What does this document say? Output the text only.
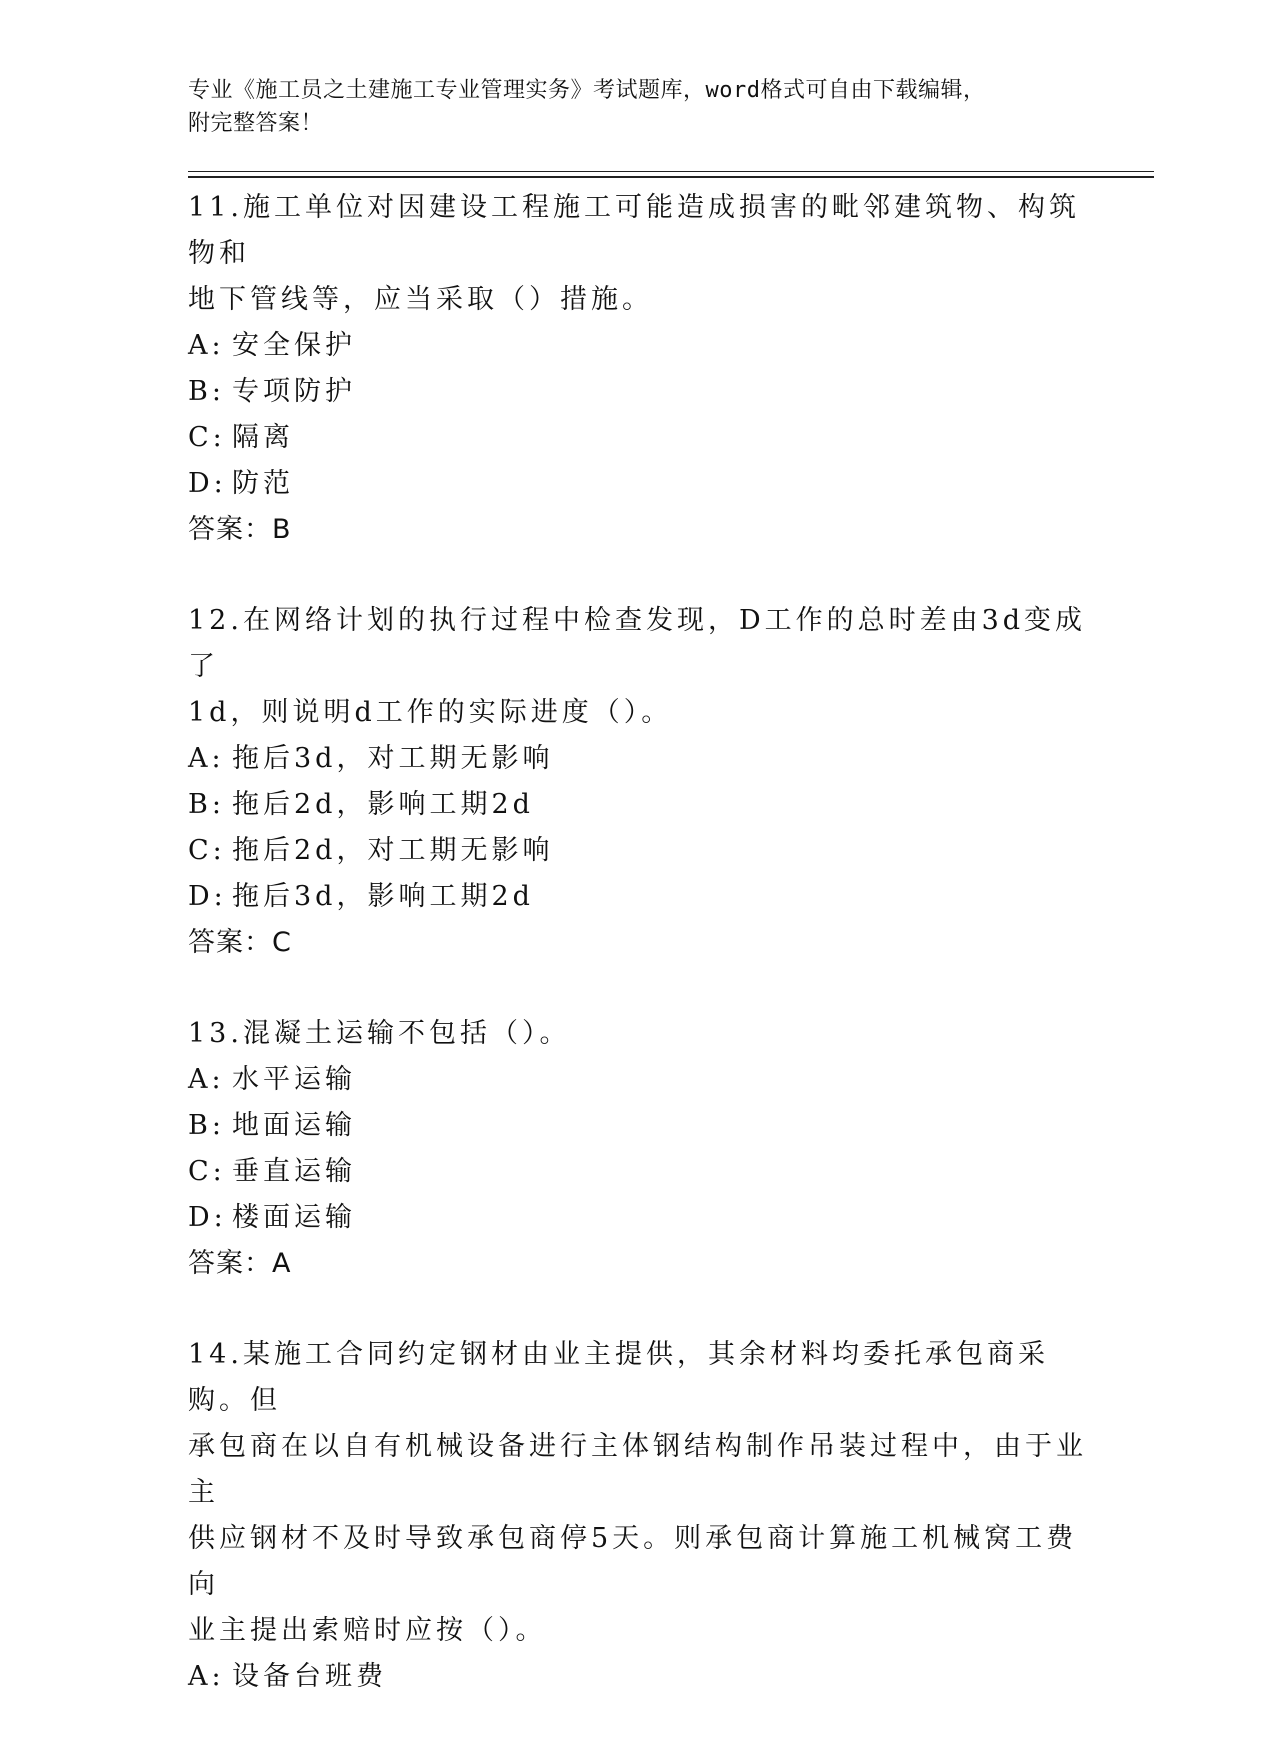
专业《施工员之土建施工专业管理实务》考试题库，word格式可自由下载编辑，
附完整答案！
11.施工单位对因建设工程施工可能造成损害的毗邻建筑物、构筑物和
地下管线等，应当采取（）措施。
A: 安全保护
B: 专项防护
C: 隔离
D: 防范
答案：B
12.在网络计划的执行过程中检查发现，D工作的总时差由3d变成了
1d，则说明d工作的实际进度（）。
A: 拖后3d，对工期无影响
B: 拖后2d，影响工期2d
C: 拖后2d，对工期无影响
D: 拖后3d，影响工期2d
答案：C
13.混凝土运输不包括（）。
A: 水平运输
B: 地面运输
C: 垂直运输
D: 楼面运输
答案：A
14.某施工合同约定钢材由业主提供，其余材料均委托承包商采购。但
承包商在以自有机械设备进行主体钢结构制作吊装过程中，由于业主
供应钢材不及时导致承包商停5天。则承包商计算施工机械窝工费向
业主提出索赔时应按（）。
A: 设备台班费
